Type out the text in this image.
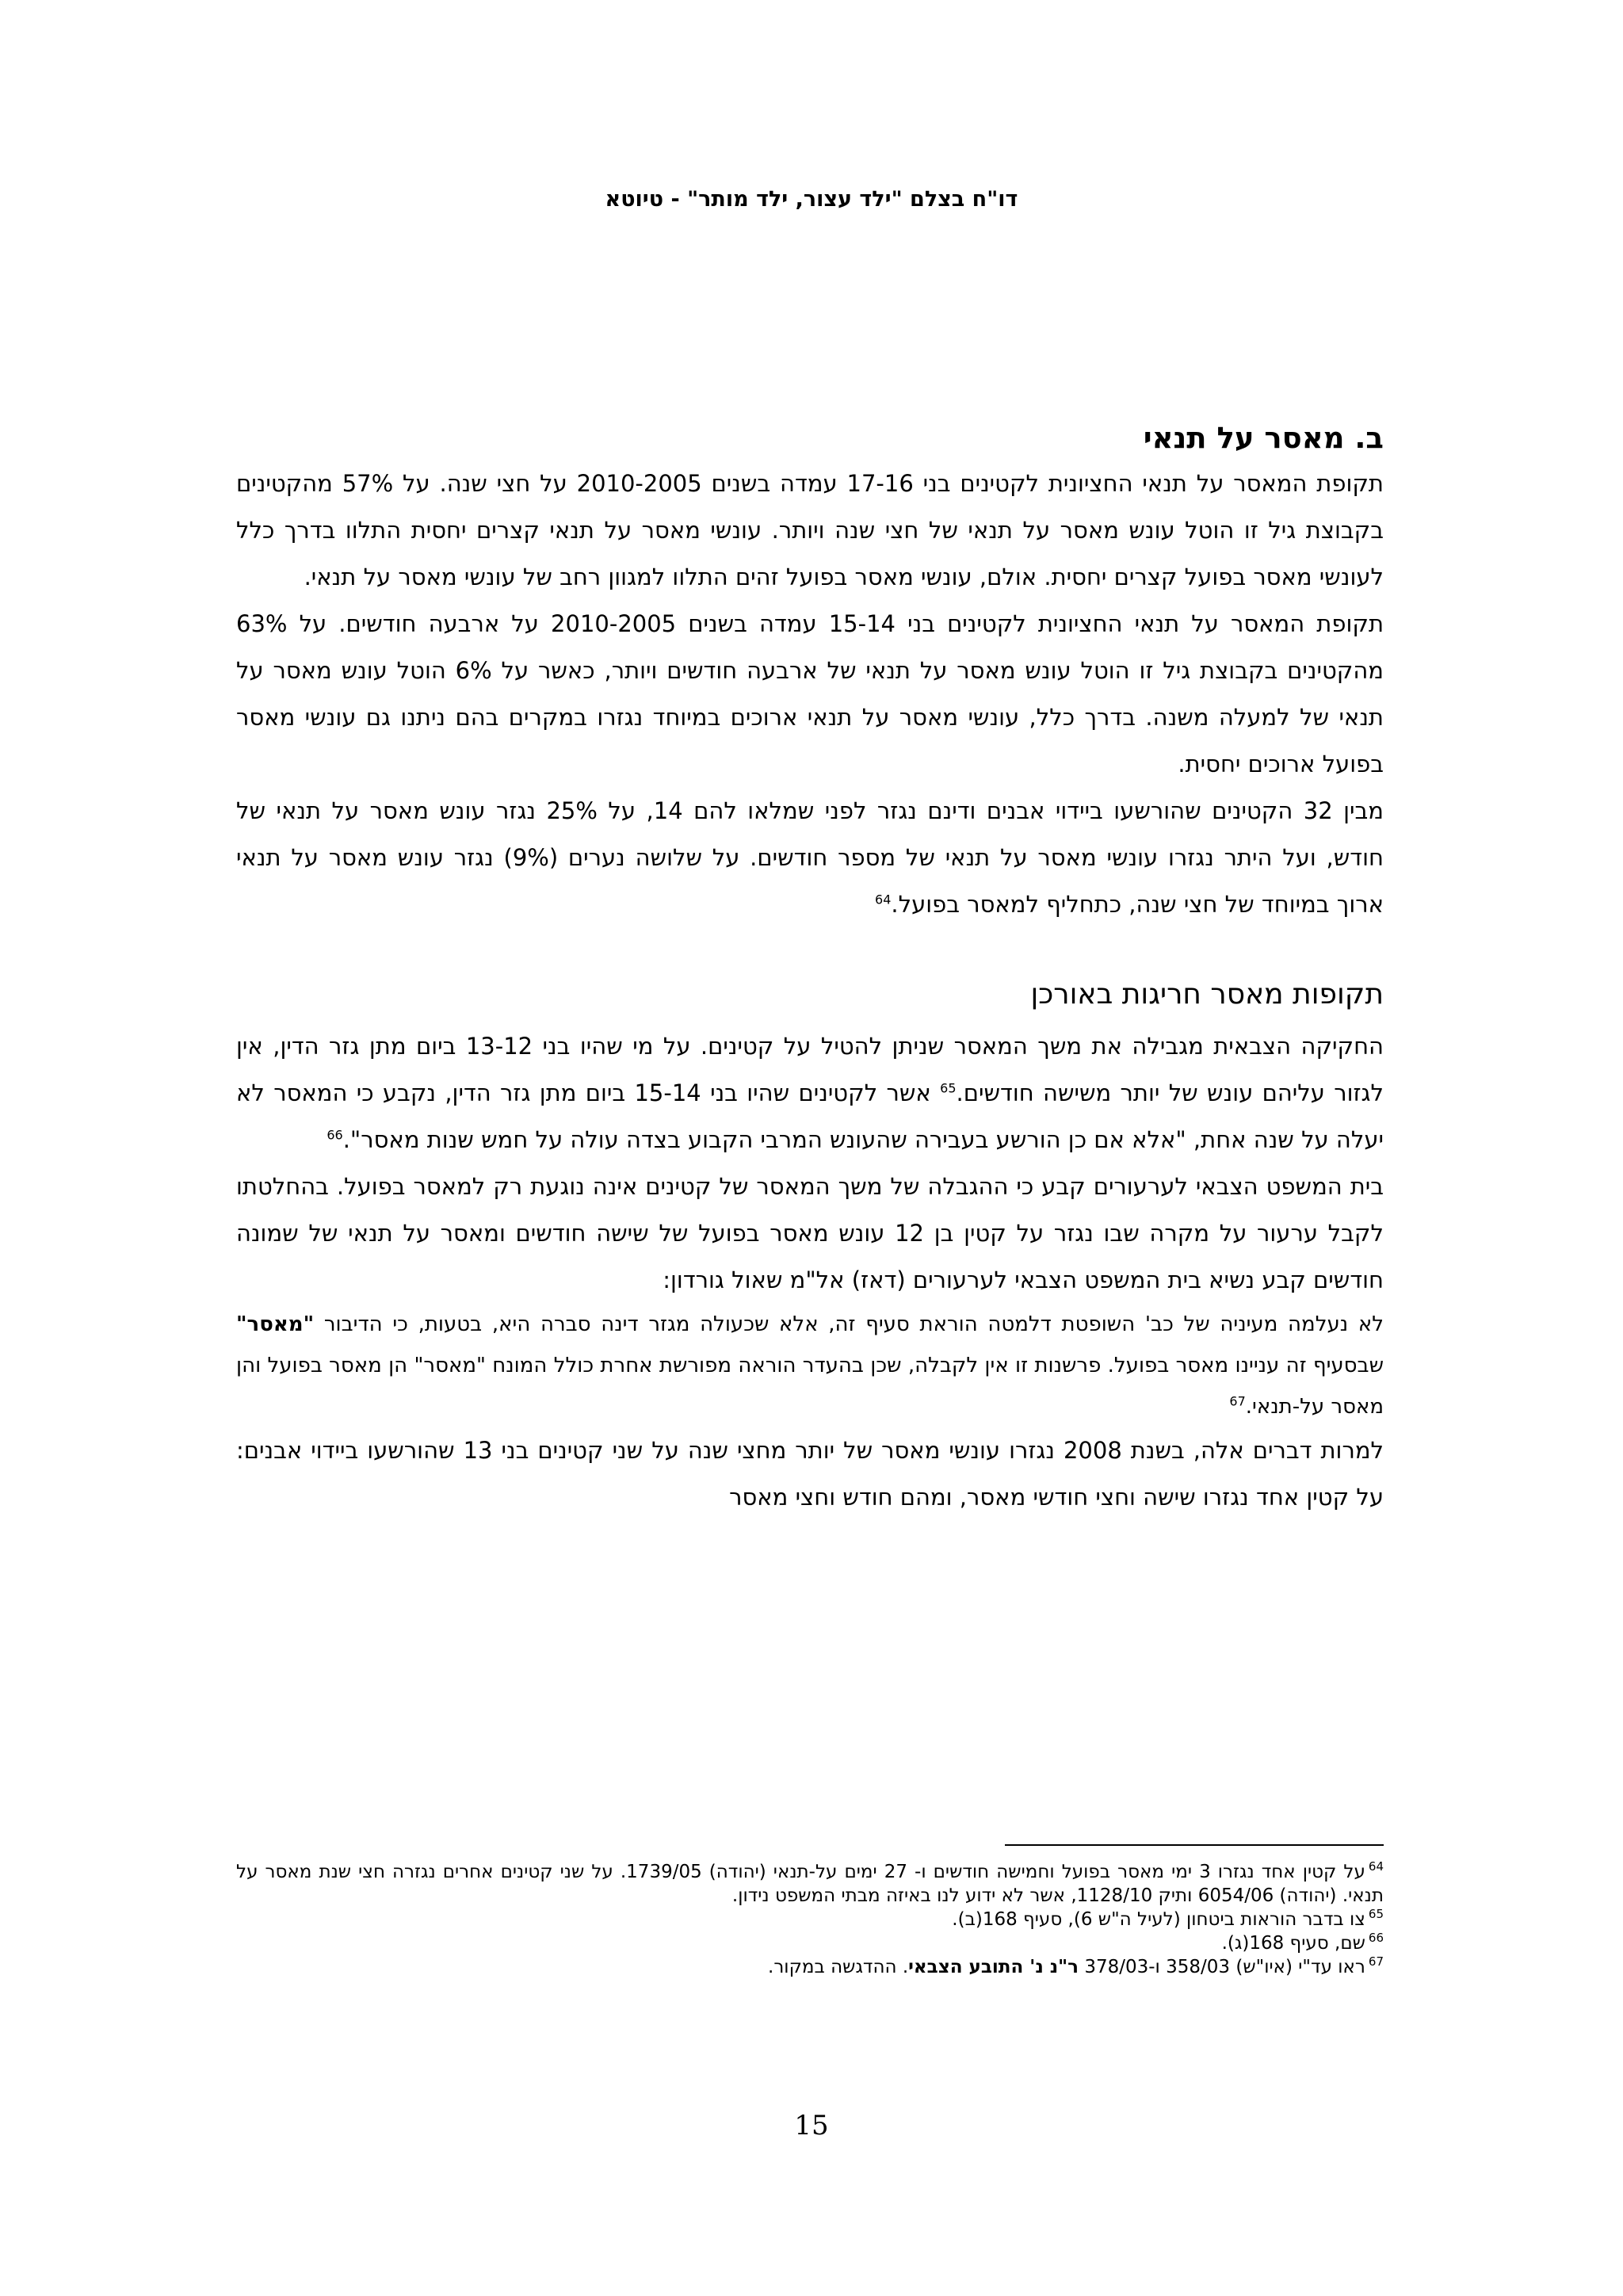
דו"ח בצלם "ילד עצור, ילד מותר" - טיוטא
ב. מאסר על תנאי

תקופת המאסר על תנאי החציונית לקטינים בני 17-16 עמדה בשנים 2010-2005 על חצי שנה. על 57% מהקטינים בקבוצת גיל זו הוטל עונש מאסר על תנאי של חצי שנה ויותר. עונשי מאסר על תנאי קצרים יחסית התלוו בדרך כלל לעונשי מאסר בפועל קצרים יחסית. אולם, עונשי מאסר בפועל זהים התלוו למגוון רחב של עונשי מאסר על תנאי.

תקופת המאסר על תנאי החציונית לקטינים בני 15-14 עמדה בשנים 2010-2005 על ארבעה חודשים. על 63% מהקטינים בקבוצת גיל זו הוטל עונש מאסר על תנאי של ארבעה חודשים ויותר, כאשר על 6% הוטל עונש מאסר על תנאי של למעלה משנה. בדרך כלל, עונשי מאסר על תנאי ארוכים במיוחד נגזרו במקרים בהם ניתנו גם עונשי מאסר בפועל ארוכים יחסית.

מבין 32 הקטינים שהורשעו ביידוי אבנים ודינם נגזר לפני שמלאו להם 14, על 25% נגזר עונש מאסר על תנאי של חודש, ועל היתר נגזרו עונשי מאסר על תנאי של מספר חודשים. על שלושה נערים (9%) נגזר עונש מאסר על תנאי ארוך במיוחד של חצי שנה, כתחליף למאסר בפועל.$^{64}$

תקופות מאסר חריגות באורכן

החקיקה הצבאית מגבילה את משך המאסר שניתן להטיל על קטינים. על מי שהיו בני 13-12 ביום מתן גזר הדין, אין לגזור עליהם עונש של יותר משישה חודשים.$^{65}$ אשר לקטינים שהיו בני 15-14 ביום מתן גזר הדין, נקבע כי המאסר לא יעלה על שנה אחת, "אלא אם כן הורשע בעבירה שהעונש המרבי הקבוע בצדה עולה על חמש שנות מאסר".$^{66}$

בית המשפט הצבאי לערעורים קבע כי ההגבלה של משך המאסר של קטינים אינה נוגעת רק למאסר בפועל. בהחלטתו לקבל ערעור על מקרה שבו נגזר על קטין בן 12 עונש מאסר בפועל של שישה חודשים ומאסר על תנאי של שמונה חודשים קבע נשיא בית המשפט הצבאי לערעורים (דאז) אל"מ שאול גורדון:

לא נעלמה מעיניה של כב' השופטת דלמטה הוראת סעיף זה, אלא שכעולה מגזר דינה סברה היא, בטעות, כי הדיבור "מאסר" שבסעיף זה עניינו מאסר בפועל. פרשנות זו אין לקבלה, שכן בהעדר הוראה מפורשת אחרת כולל המונח "מאסר" הן מאסר בפועל והן מאסר על-תנאי.$^{67}$

למרות דברים אלה, בשנת 2008 נגזרו עונשי מאסר של יותר מחצי שנה על שני קטינים בני 13 שהורשעו ביידוי אבנים: על קטין אחד נגזרו שישה וחצי חודשי מאסר, ומהם חודש וחצי מאסר

$^{64}$על קטין אחד נגזרו 3 ימי מאסר בפועל וחמישה חודשים ו- 27 ימים על-תנאי (יהודה) 1739/05. על שני קטינים אחרים נגזרה חצי שנת מאסר על תנאי. (יהודה) 6054/06 ותיק 1128/10, אשר לא ידוע לנו באיזה מבתי המשפט נידון.

$^{65}$צו בדבר הוראות ביטחון (לעיל ה"ש 6), סעיף 168(ב).

$^{66}$שם, סעיף 168(ג).

$^{67}$ראו עד"י (איו"ש) 358/03 ו-378/03 ר"נ נ' התובע הצבאי. ההדגשה במקור.

15
